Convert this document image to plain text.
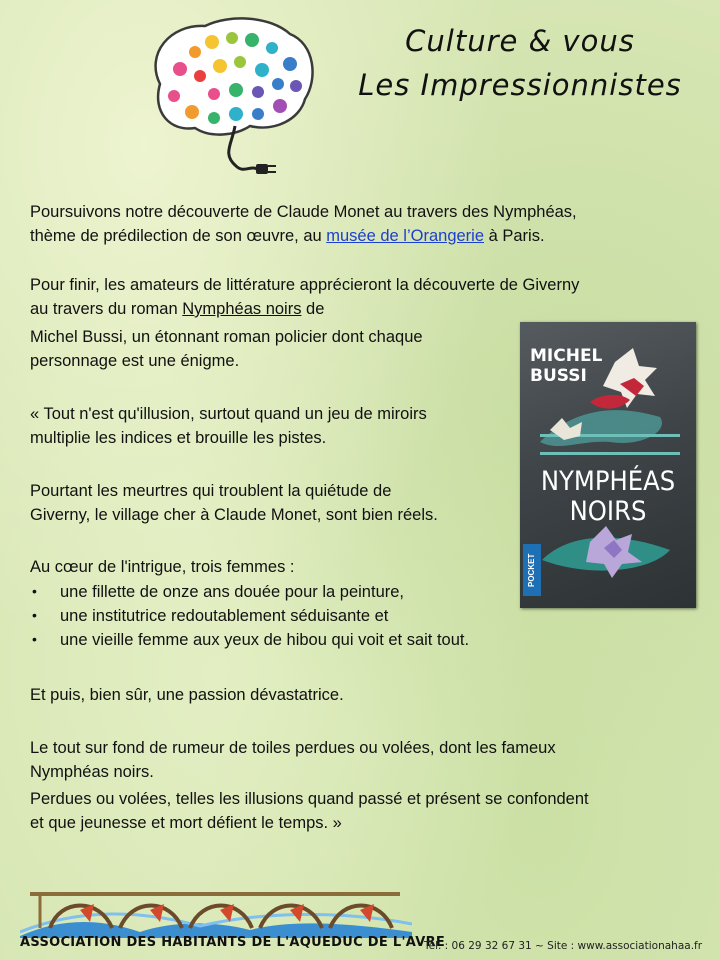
Culture & vous
Les Impressionnistes
Poursuivons notre découverte de Claude Monet au travers des Nymphéas,
thème de prédilection de son œuvre, au musée de l’Orangerie à Paris.
Pour finir, les amateurs de littérature apprécieront la découverte de Giverny
au travers du roman Nymphéas noirs de
Michel Bussi, un étonnant roman policier dont chaque
personnage est une énigme.
« Tout n'est qu'illusion, surtout quand un jeu de miroirs
multiplie les indices et brouille les pistes.
Pourtant les meurtres qui troublent la quiétude de
Giverny, le village cher à Claude Monet, sont bien réels.
Au cœur de l'intrigue, trois femmes :
• une fillette de onze ans douée pour la peinture,
• une institutrice redoutablement séduisante et
• une vieille femme aux yeux de hibou qui voit et sait tout.
Et puis, bien sûr, une passion dévastatrice.
Le tout sur fond de rumeur de toiles perdues ou volées, dont les fameux
Nymphéas noirs.
Perdues ou volées, telles les illusions quand passé et présent se confondent
et que jeunesse et mort défient le temps. »
MICHEL
BUSSI
NYMPHÉAS
NOIRS
POCKET
ASSOCIATION DES HABITANTS DE L'AQUEDUC DE L'AVRE
Tél. : 06 29 32 67 31 ~ Site : www.associationahaa.fr
